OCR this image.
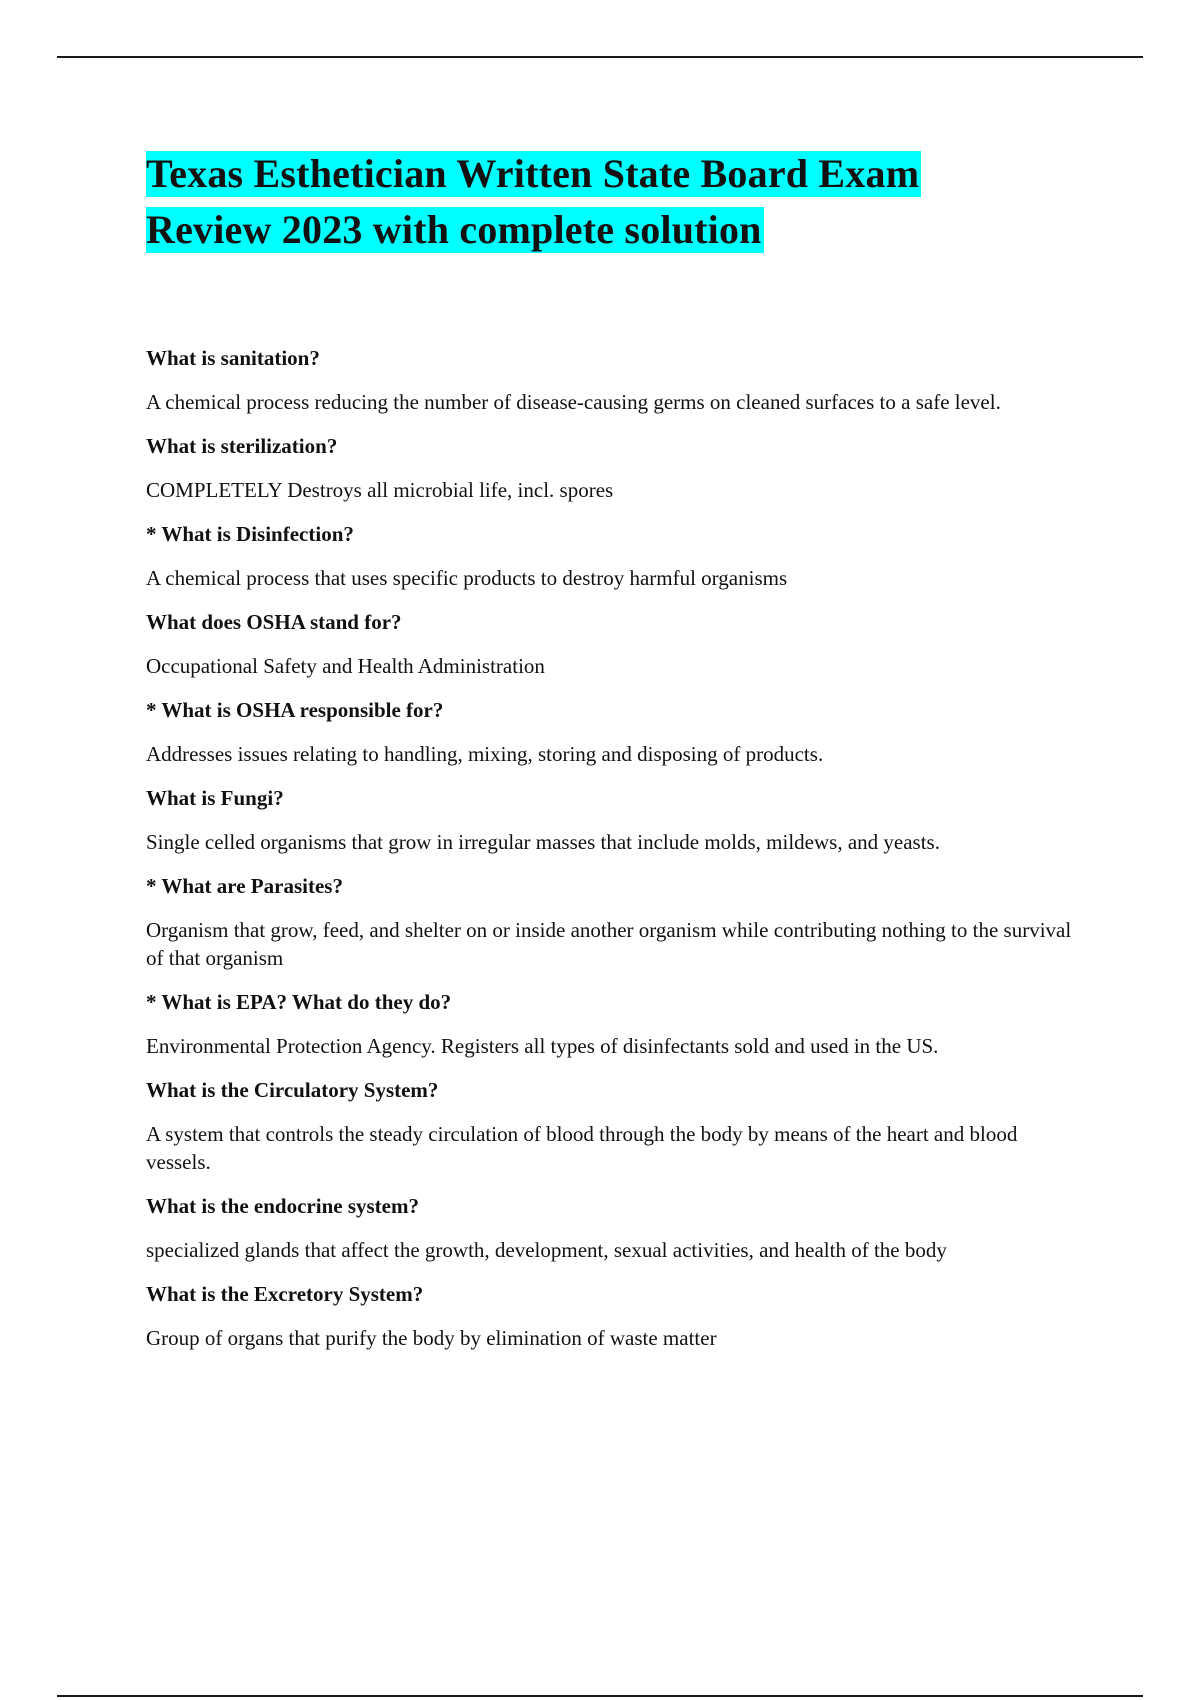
Texas Esthetician Written State Board Exam
Review 2023 with complete solution

What is sanitation?

A chemical process reducing the number of disease-causing germs on cleaned surfaces to a safe level.

What is sterilization?

COMPLETELY Destroys all microbial life, incl. spores

* What is Disinfection?

A chemical process that uses specific products to destroy harmful organisms

What does OSHA stand for?

Occupational Safety and Health Administration

* What is OSHA responsible for?

Addresses issues relating to handling, mixing, storing and disposing of products.

What is Fungi?

Single celled organisms that grow in irregular masses that include molds, mildews, and yeasts.

* What are Parasites?

Organism that grow, feed, and shelter on or inside another organism while contributing nothing to the survival of that organism

* What is EPA? What do they do?

Environmental Protection Agency. Registers all types of disinfectants sold and used in the US.

What is the Circulatory System?

A system that controls the steady circulation of blood through the body by means of the heart and blood vessels.

What is the endocrine system?

specialized glands that affect the growth, development, sexual activities, and health of the body

What is the Excretory System?

Group of organs that purify the body by elimination of waste matter
